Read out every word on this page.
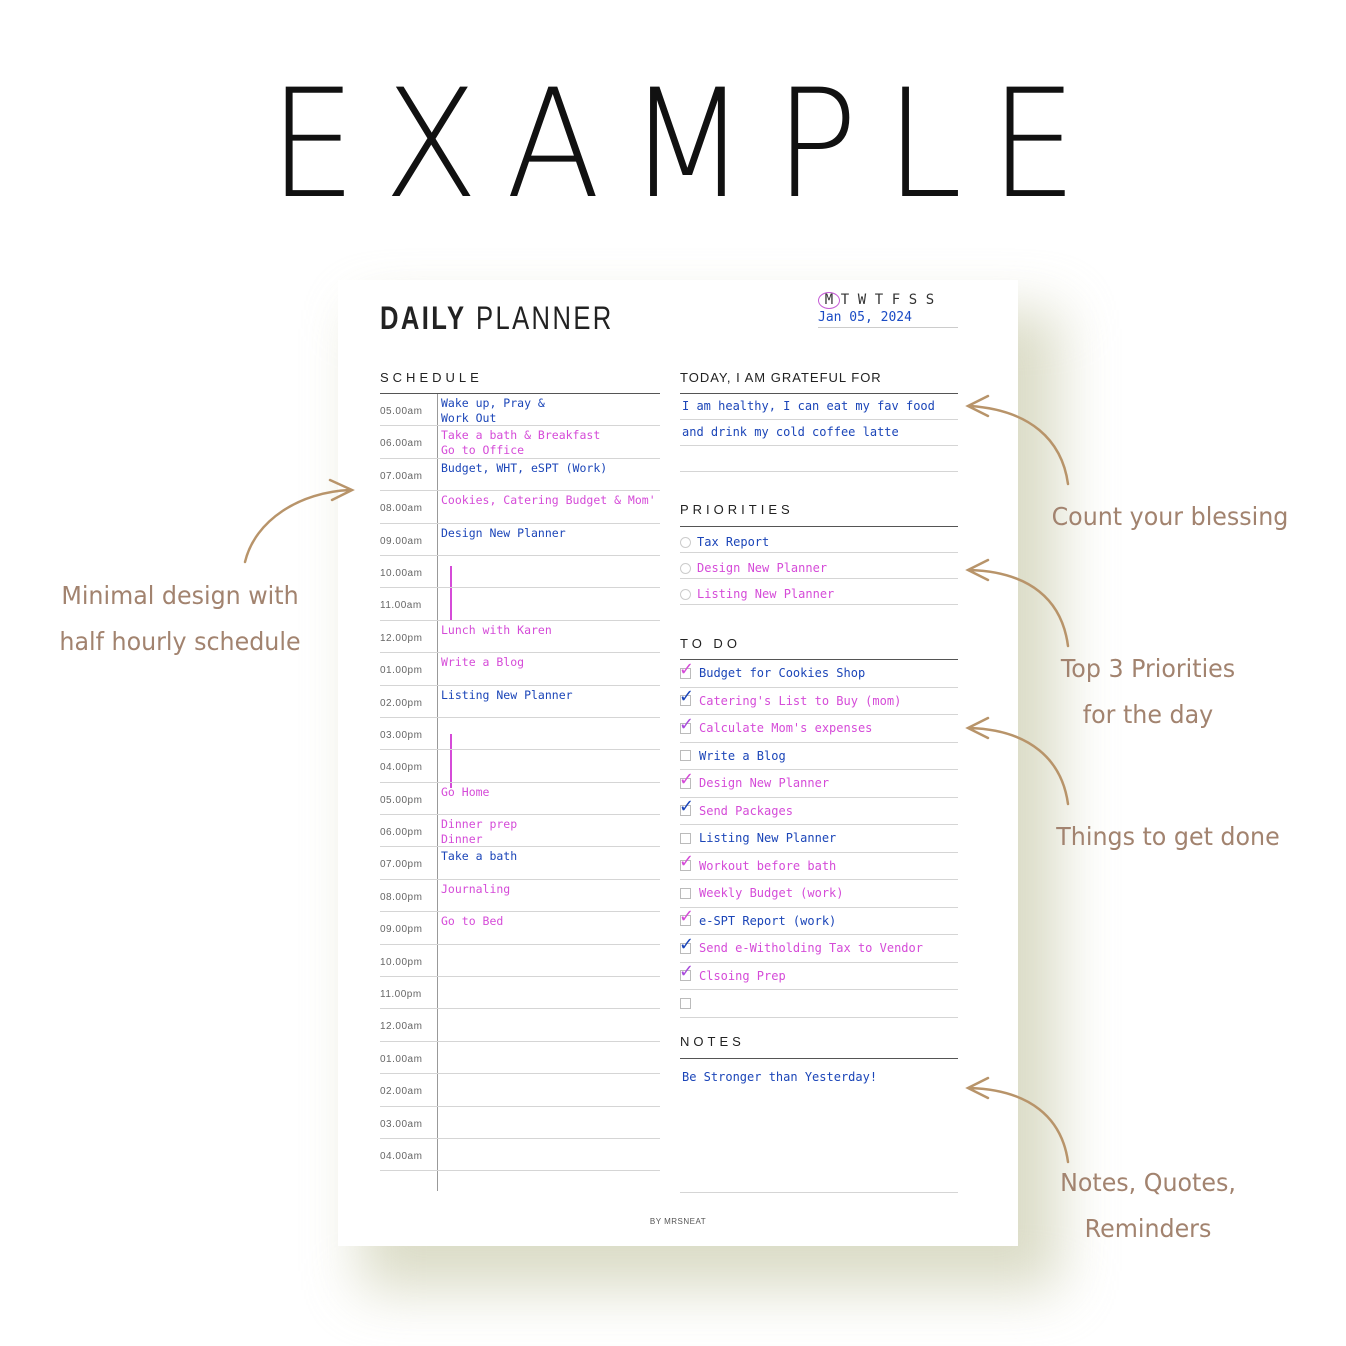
EXAMPLE
DAILY PLANNER	M T W T F S S
Jan 05, 2024
SCHEDULE
05.00am
Wake up, Pray &
Work Out
06.00am
Take a bath & Breakfast
Go to Office
07.00am
Budget, WHT, eSPT (Work)
08.00am
Cookies, Catering Budget & Mom'
09.00am
Design New Planner
10.00am
11.00am
12.00pm
Lunch with Karen
01.00pm
Write a Blog
02.00pm
Listing New Planner
03.00pm
04.00pm
05.00pm
Go Home
06.00pm
Dinner prep
Dinner
07.00pm
Take a bath
08.00pm
Journaling
09.00pm
Go to Bed
10.00pm
11.00pm
12.00am
01.00am
02.00am
03.00am
04.00am
TODAY, I AM GRATEFUL FOR
I am healthy, I can eat my fav food
and drink my cold coffee latte
PRIORITIES
Tax Report
Design New Planner
Listing New Planner
TO DO
✓ Budget for Cookies Shop
✓ Catering's List to Buy (mom)
✓ Calculate Mom's expenses
Write a Blog
✓ Design New Planner
✓ Send Packages
Listing New Planner
✓ Workout before bath
Weekly Budget (work)
✓ e-SPT Report (work)
✓ Send e-Witholding Tax to Vendor
✓ Clsoing Prep
NOTES
Be Stronger than Yesterday!
BY MRSNEAT
Minimal design with
half hourly schedule
Count your blessing
Top 3 Priorities
for the day
Things to get done
Notes, Quotes,
Reminders
